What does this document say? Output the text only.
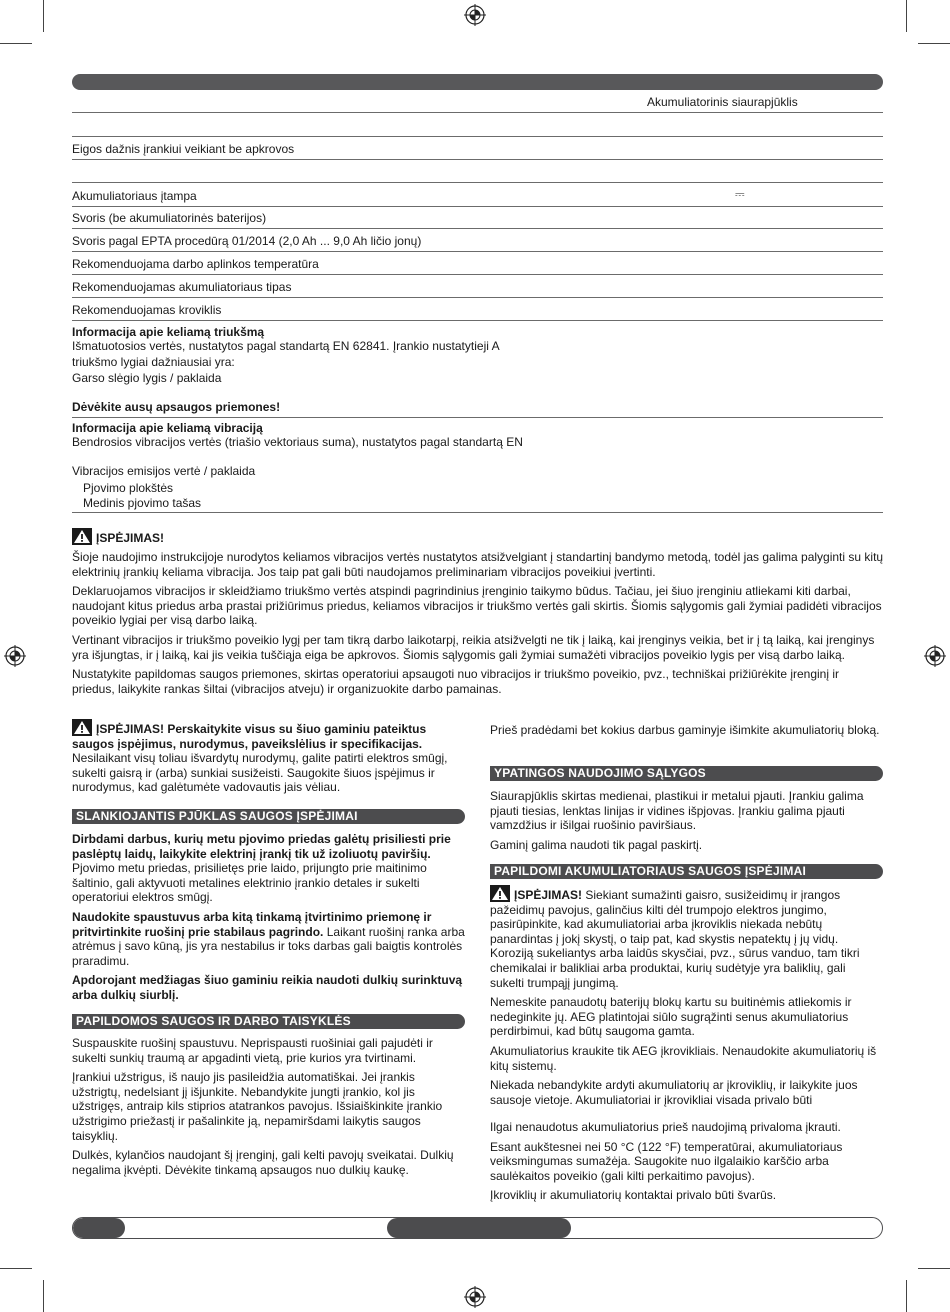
Akumuliatorinis siaurapjūklis
Eigos dažnis įrankiui veikiant be apkrovos
Akumuliatoriaus įtampa	⎓
Svoris (be akumuliatorinės baterijos)
Svoris pagal EPTA procedūrą 01/2014 (2,0 Ah ... 9,0 Ah ličio jonų)
Rekomenduojama darbo aplinkos temperatūra
Rekomenduojamas akumuliatoriaus tipas
Rekomenduojamas kroviklis
Informacija apie keliamą triukšmą
Išmatuotosios vertės, nustatytos pagal standartą EN 62841. Įrankio nustatytieji A
triukšmo lygiai dažniausiai yra:
Garso slėgio lygis / paklaida
Dėvėkite ausų apsaugos priemones!
Informacija apie keliamą vibraciją
Bendrosios vibracijos vertės (triašio vektoriaus suma), nustatytos pagal standartą EN
Vibracijos emisijos vertė / paklaida
Pjovimo plokštės
Medinis pjovimo tašas
ĮSPĖJIMAS!

Šioje naudojimo instrukcijoje nurodytos keliamos vibracijos vertės nustatytos atsižvelgiant į standartinį bandymo metodą, todėl jas galima palyginti su kitų elektrinių įrankių keliama vibracija. Jos taip pat gali būti naudojamos preliminariam vibracijos poveikiui įvertinti.

Deklaruojamos vibracijos ir skleidžiamo triukšmo vertės atspindi pagrindinius įrenginio taikymo būdus. Tačiau, jei šiuo įrenginiu atliekami kiti darbai, naudojant kitus priedus arba prastai prižiūrimus priedus, keliamos vibracijos ir triukšmo vertės gali skirtis. Šiomis sąlygomis gali žymiai padidėti vibracijos poveikio lygiai per visą darbo laiką.

Vertinant vibracijos ir triukšmo poveikio lygį per tam tikrą darbo laikotarpį, reikia atsižvelgti ne tik į laiką, kai įrenginys veikia, bet ir į tą laiką, kai įrenginys yra išjungtas, ir į laiką, kai jis veikia tuščiąja eiga be apkrovos. Šiomis sąlygomis gali žymiai sumažėti vibracijos poveikio lygis per visą darbo laiką.

Nustatykite papildomas saugos priemones, skirtas operatoriui apsaugoti nuo vibracijos ir triukšmo poveikio, pvz., techniškai prižiūrėkite įrenginį ir priedus, laikykite rankas šiltai (vibracijos atveju) ir organizuokite darbo pamainas.

ĮSPĖJIMAS! Perskaitykite visus su šiuo gaminiu pateiktus saugos įspėjimus, nurodymus, paveikslėlius ir specifikacijas. Nesilaikant visų toliau išvardytų nurodymų, galite patirti elektros smūgį, sukelti gaisrą ir (arba) sunkiai susižeisti. Saugokite šiuos įspėjimus ir nurodymus, kad galėtumėte vadovautis jais vėliau.

SLANKIOJANTIS PJŪKLAS SAUGOS ĮSPĖJIMAI

Dirbdami darbus, kurių metu pjovimo priedas galėtų prisiliesti prie paslėptų laidų, laikykite elektrinį įrankį tik už izoliuotų paviršių. Pjovimo metu priedas, prisilietęs prie laido, prijungto prie maitinimo šaltinio, gali aktyvuoti metalines elektrinio įrankio detales ir sukelti operatoriui elektros smūgį.

Naudokite spaustuvus arba kitą tinkamą įtvirtinimo priemonę ir pritvirtinkite ruošinį prie stabilaus pagrindo. Laikant ruošinį ranka arba atrėmus į savo kūną, jis yra nestabilus ir toks darbas gali baigtis kontrolės praradimu.

Apdorojant medžiagas šiuo gaminiu reikia naudoti dulkių surinktuvą arba dulkių siurblį.

PAPILDOMOS SAUGOS IR DARBO TAISYKLĖS

Suspauskite ruošinį spaustuvu. Neprispausti ruošiniai gali pajudėti ir sukelti sunkių traumą ar apgadinti vietą, prie kurios yra tvirtinami.

Įrankiui užstrigus, iš naujo jis pasileidžia automatiškai. Jei įrankis užstrigtų, nedelsiant jį išjunkite. Nebandykite jungti įrankio, kol jis užstrigęs, antraip kils stiprios atatrankos pavojus. Išsiaiškinkite įrankio užstrigimo priežastį ir pašalinkite ją, nepamiršdami laikytis saugos taisyklių.

Dulkės, kylančios naudojant šį įrenginį, gali kelti pavojų sveikatai. Dulkių negalima įkvėpti. Dėvėkite tinkamą apsaugos nuo dulkių kaukę.

Prieš pradėdami bet kokius darbus gaminyje išimkite akumuliatorių bloką.
YPATINGOS NAUDOJIMO SĄLYGOS

Siaurapjūklis skirtas medienai, plastikui ir metalui pjauti. Įrankiu galima pjauti tiesias, lenktas linijas ir vidines išpjovas. Įrankiu galima pjauti vamzdžius ir išilgai ruošinio paviršiaus.

Gaminį galima naudoti tik pagal paskirtį.

PAPILDOMI AKUMULIATORIAUS SAUGOS ĮSPĖJIMAI

ĮSPĖJIMAS! Siekiant sumažinti gaisro, susižeidimų ir įrangos pažeidimų pavojus, galinčius kilti dėl trumpojo elektros jungimo, pasirūpinkite, kad akumuliatoriai arba įkroviklis niekada nebūtų panardintas į jokį skystį, o taip pat, kad skystis nepatektų į jų vidų. Koroziją sukeliantys arba laidūs skysčiai, pvz., sūrus vanduo, tam tikri chemikalai ir balikliai arba produktai, kurių sudėtyje yra baliklių, gali sukelti trumpąjį jungimą.

Nemeskite panaudotų baterijų blokų kartu su buitinėmis atliekomis ir nedeginkite jų. AEG platintojai siūlo sugrąžinti senus akumuliatorius perdirbimui, kad būtų saugoma gamta.

Akumuliatorius kraukite tik AEG įkrovikliais. Nenaudokite akumuliatorių iš kitų sistemų.

Niekada nebandykite ardyti akumuliatorių ar įkroviklių, ir laikykite juos sausoje vietoje. Akumuliatoriai ir įkrovikliai visada privalo būti

Ilgai nenaudotus akumuliatorius prieš naudojimą privaloma įkrauti.

Esant aukštesnei nei 50 °C (122 °F) temperatūrai, akumuliatoriaus veiksmingumas sumažėja. Saugokite nuo ilgalaikio karščio arba saulėkaitos poveikio (gali kilti perkaitimo pavojus).

Įkroviklių ir akumuliatorių kontaktai privalo būti švarūs.
